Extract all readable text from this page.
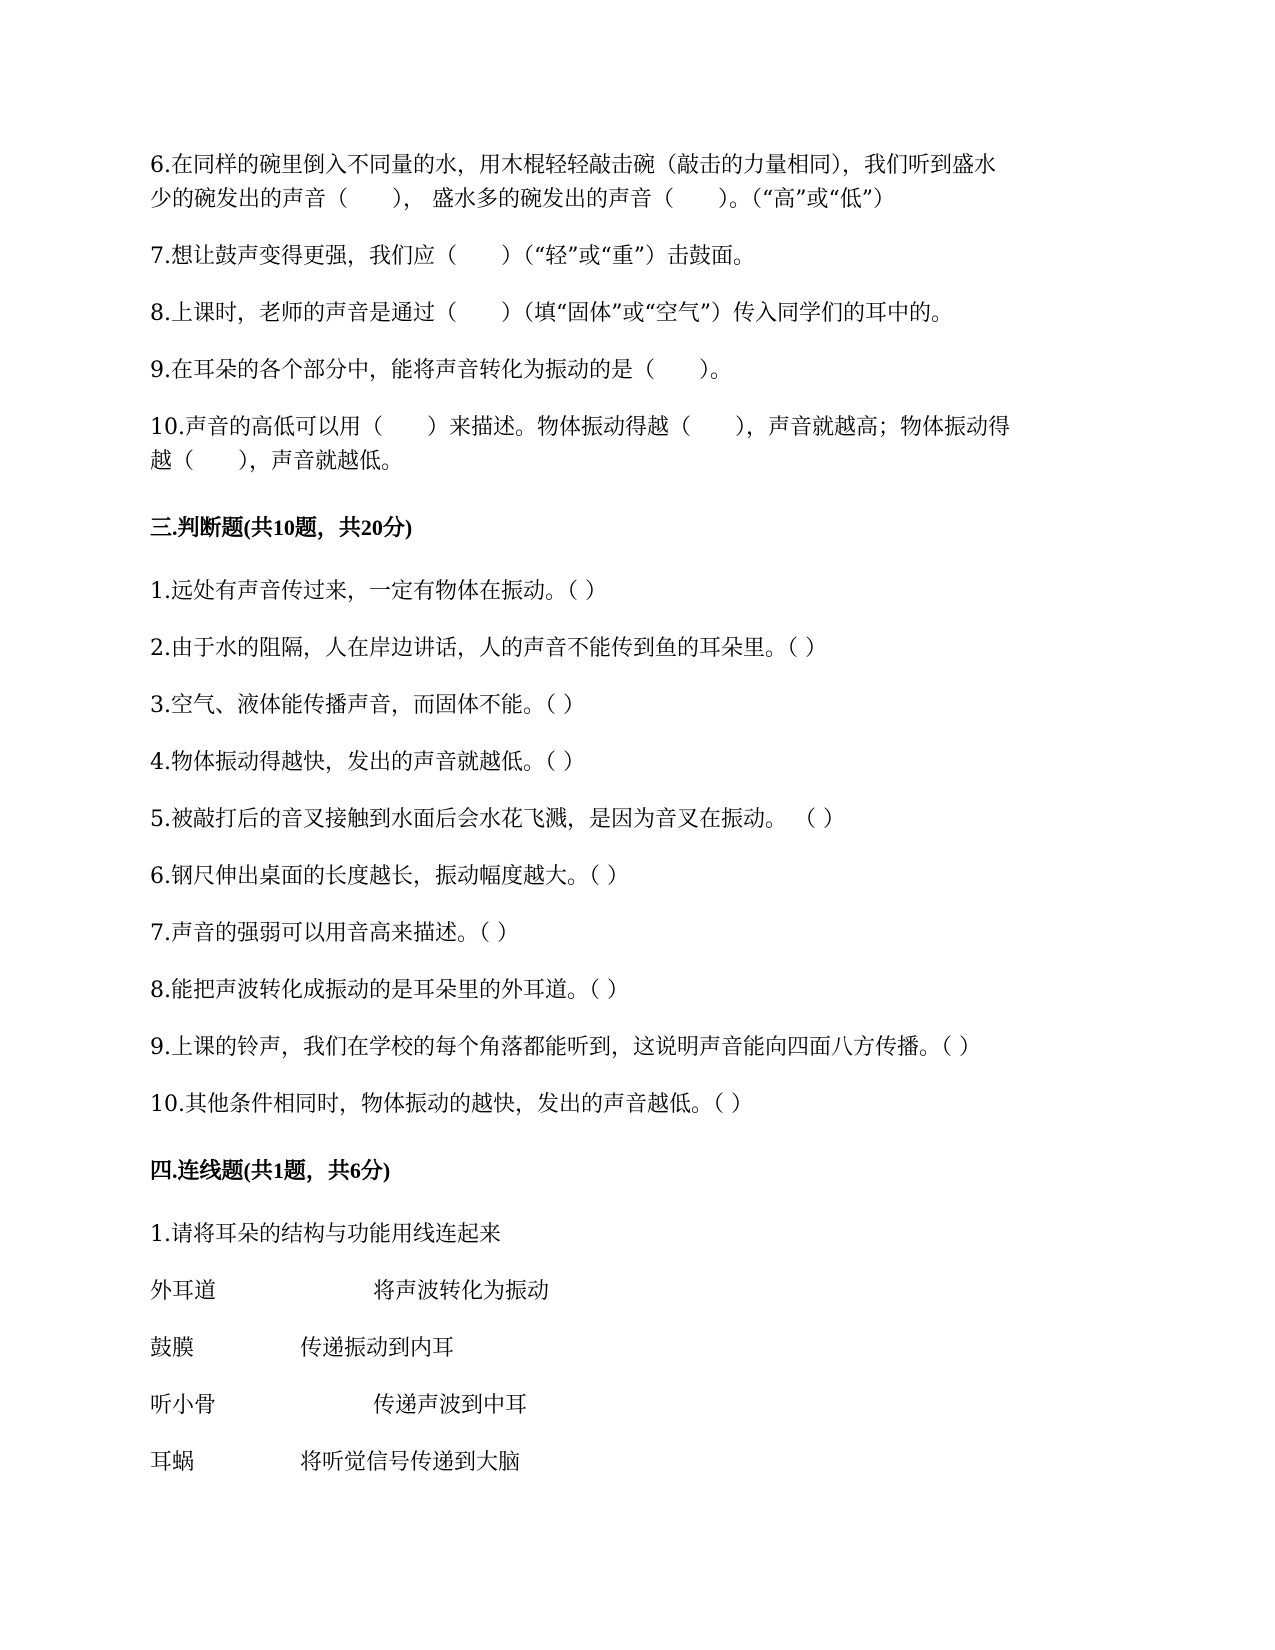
6.在同样的碗里倒入不同量的水，用木棍轻轻敲击碗（敲击的力量相同），我们听到盛水
少的碗发出的声音（　　）， 盛水多的碗发出的声音（　　）。（“高”或“低”）
7.想让鼓声变得更强，我们应（　　）（“轻”或“重”）击鼓面。
8.上课时，老师的声音是通过（　　）（填“固体”或“空气”）传入同学们的耳中的。
9.在耳朵的各个部分中，能将声音转化为振动的是（　　）。
10.声音的高低可以用（　　）来描述。物体振动得越（　　），声音就越高；物体振动得
越（　　），声音就越低。
三.判断题(共10题，共20分)
1.远处有声音传过来，一定有物体在振动。（ ）
2.由于水的阻隔，人在岸边讲话，人的声音不能传到鱼的耳朵里。（ ）
3.空气、液体能传播声音，而固体不能。（ ）
4.物体振动得越快，发出的声音就越低。（ ）
5.被敲打后的音叉接触到水面后会水花飞溅，是因为音叉在振动。 （ ）
6.钢尺伸出桌面的长度越长，振动幅度越大。（ ）
7.声音的强弱可以用音高来描述。（ ）
8.能把声波转化成振动的是耳朵里的外耳道。（ ）
9.上课的铃声，我们在学校的每个角落都能听到，这说明声音能向四面八方传播。（ ）
10.其他条件相同时，物体振动的越快，发出的声音越低。（ ）
四.连线题(共1题，共6分)
1.请将耳朵的结构与功能用线连起来
外耳道	将声波转化为振动
鼓膜	传递振动到内耳
听小骨	传递声波到中耳
耳蜗	将听觉信号传递到大脑
